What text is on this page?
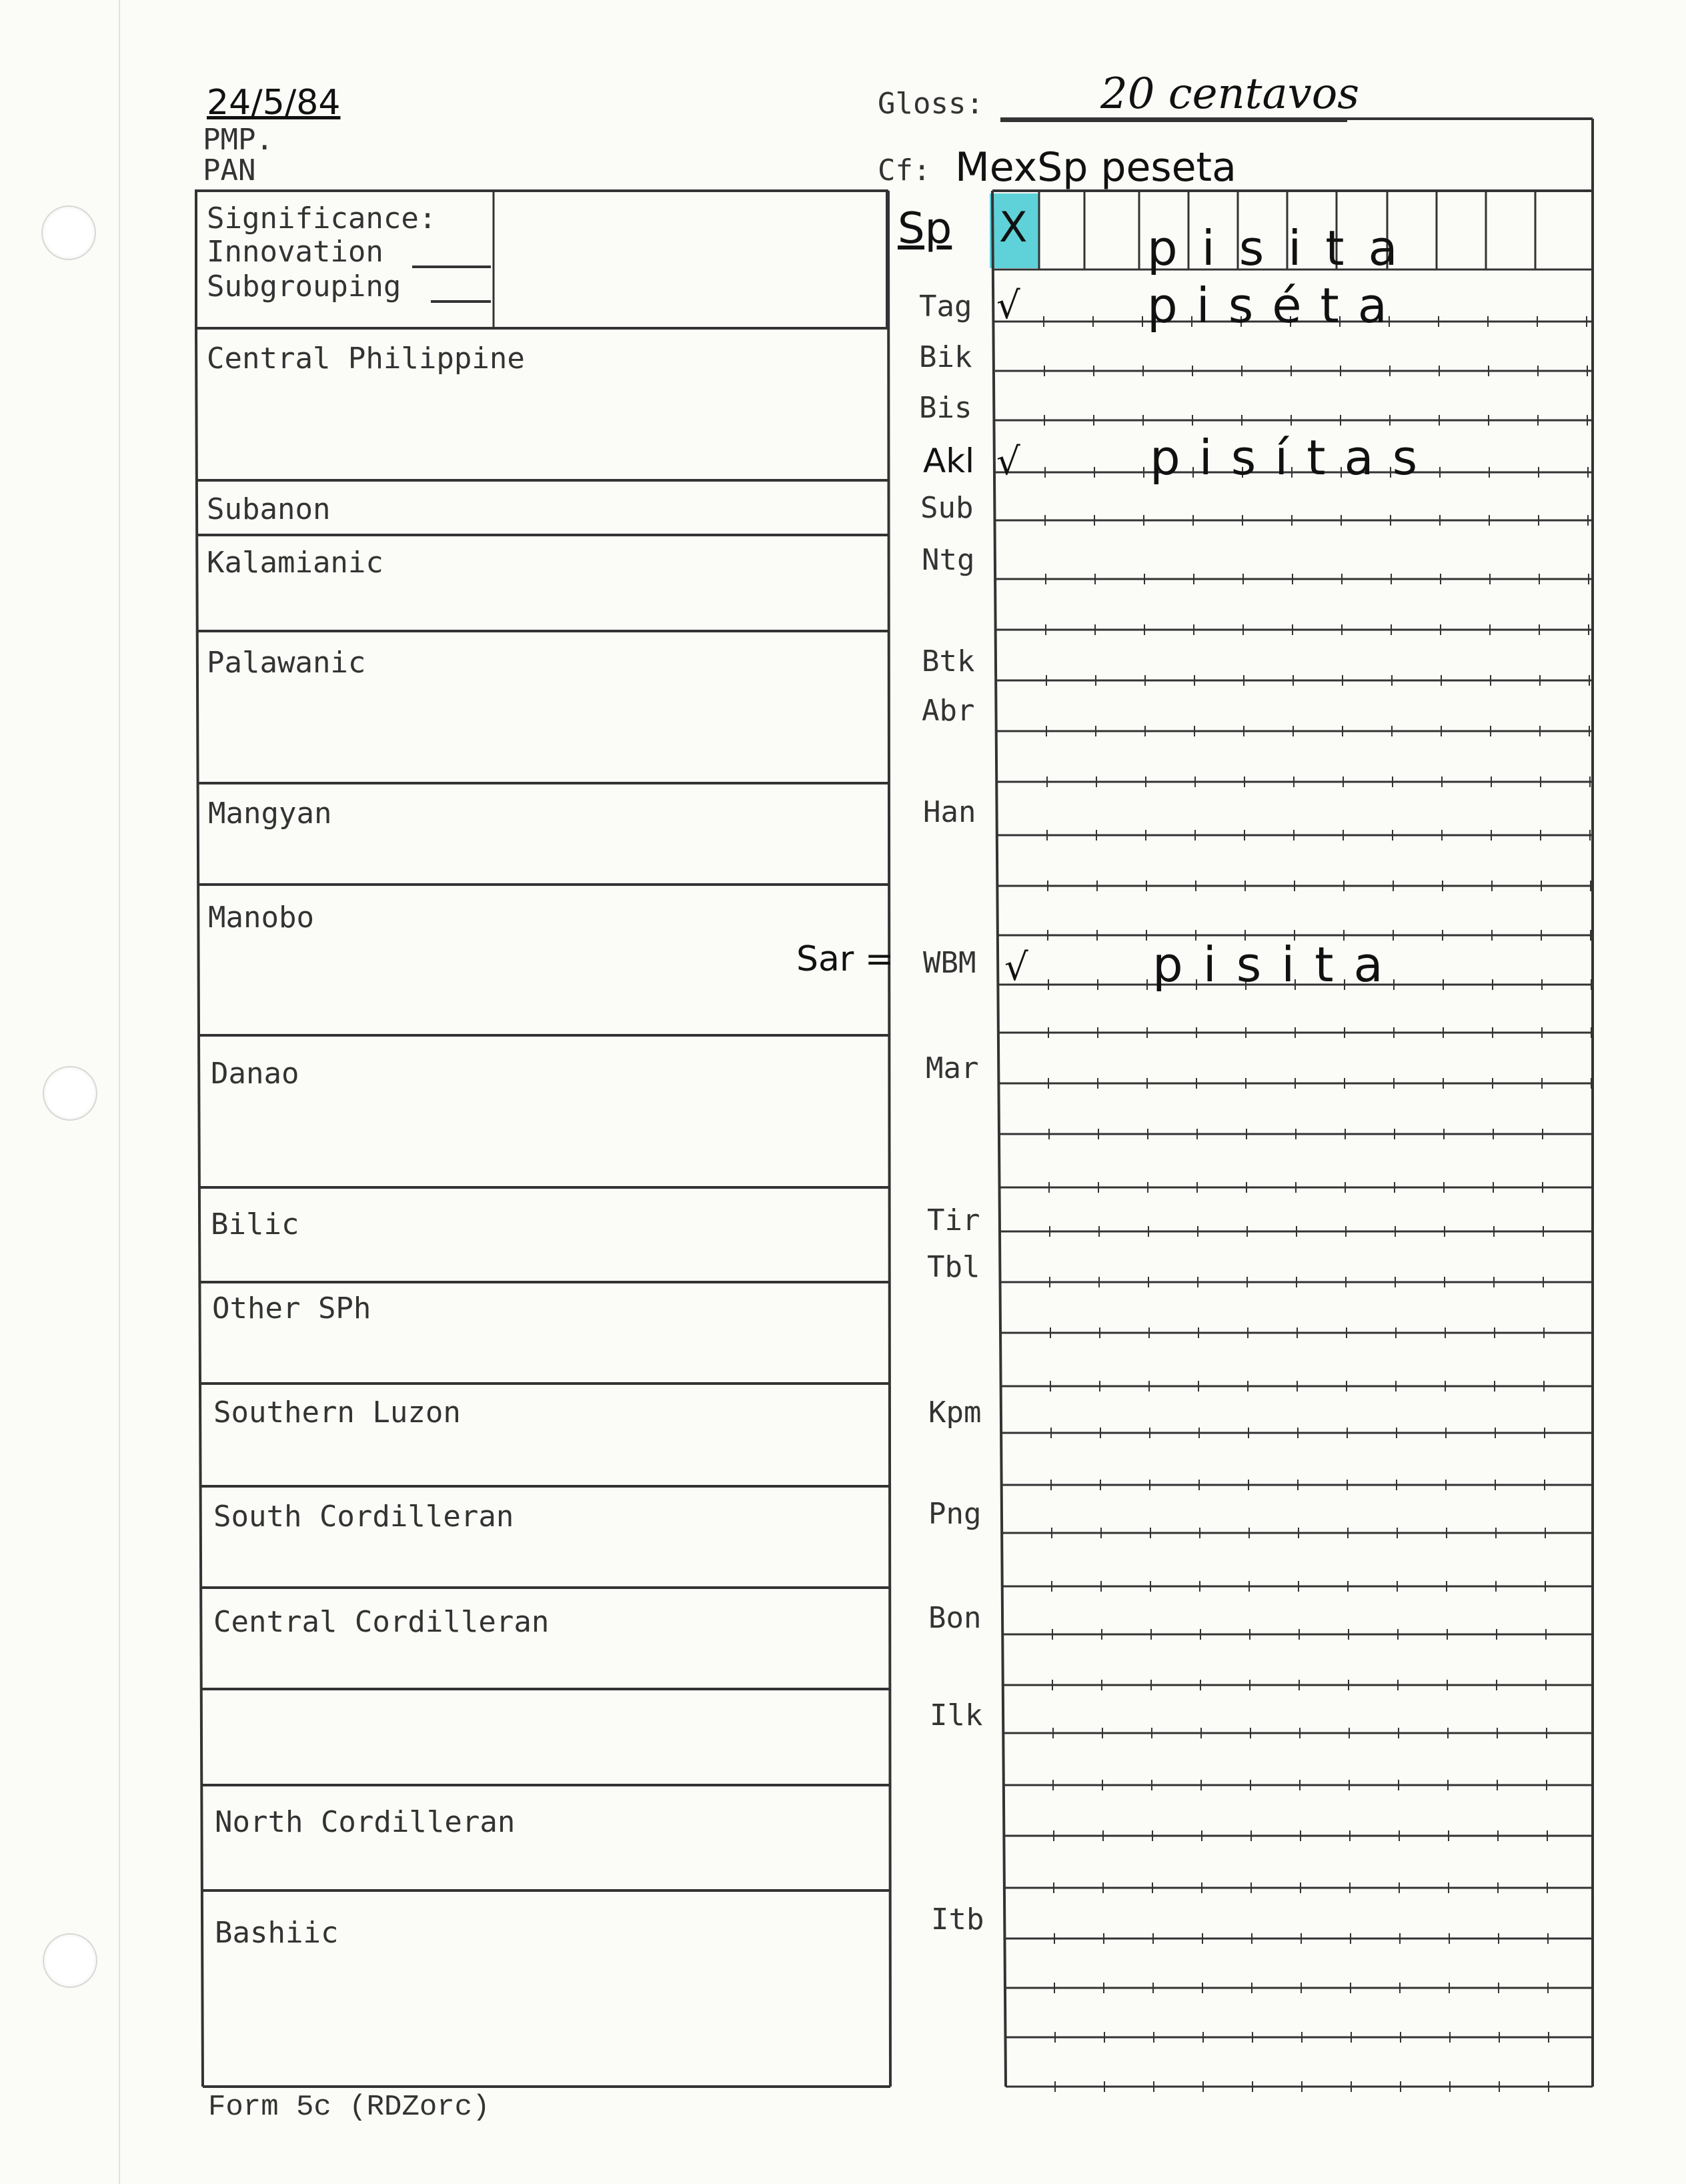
24/5/84
PMP.
PAN
Gloss:	20 centavos
Cf: MexSp peseta
Significance:
Innovation
Subgrouping
Central Philippine
Subanon
Kalamianic
Palawanic
Mangyan
Manobo
Danao
Bilic
Other SPh
Southern Luzon
South Cordilleran
Central Cordilleran
North Cordilleran
Bashiic
Sp
Tag
Bik
Bis
Akl
Sub
Ntg
Btk
Abr
Han
Sar = WBM
Mar
Tir
Tbl
Kpm
Png
Bon
Ilk
Itb
X
√
√
√
pisita
piséta
pisítas
pisita
Form 5c (RDZorc)
